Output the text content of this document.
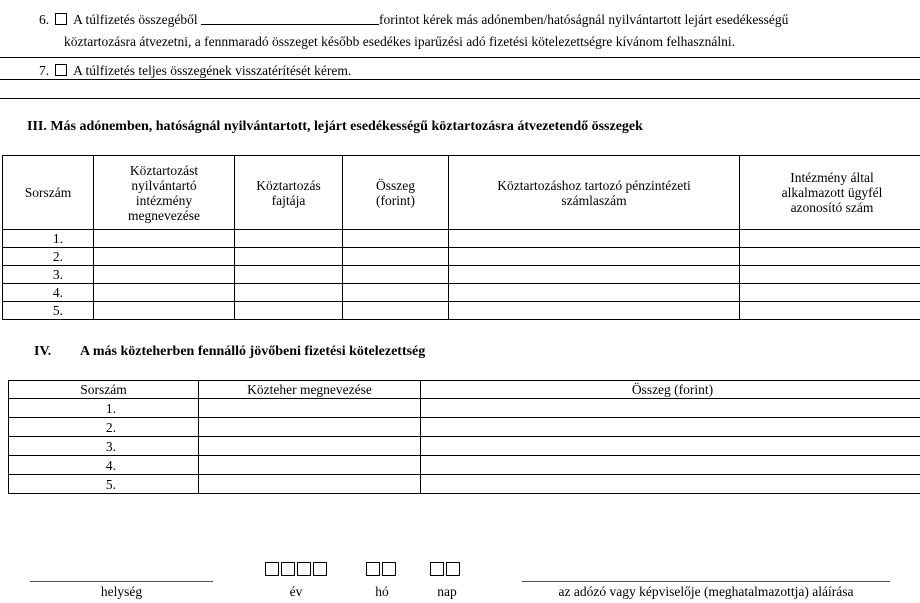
6. A túlfizetés összegéből	forintot kérek más adónemben/hatóságnál nyilvántartott lejárt esedékességű
köztartozásra átvezetni, a fennmaradó összeget később esedékes iparűzési adó fizetési kötelezettségre kívánom felhasználni.
7. A túlfizetés teljes összegének visszatérítését kérem.
III. Más adónemben, hatóságnál nyilvántartott, lejárt esedékességű köztartozásra átvezetendő összegek
Sorszám	Köztartozást nyilvántartó intézmény megnevezése	Köztartozás fajtája	Összeg (forint)	Köztartozáshoz tartozó pénzintézeti számlaszám	Intézmény által alkalmazott ügyfél azonosító szám

1.					
2.					
3.					
4.					
5.					
IV. A más közteherben fennálló jövőbeni fizetési kötelezettség
Sorszám	Közteher megnevezése	Összeg (forint)
1.		
2.		
3.		
4.		
5.		
helység	év	hó	nap	az adózó vagy képviselője (meghatalmazottja) aláírása
